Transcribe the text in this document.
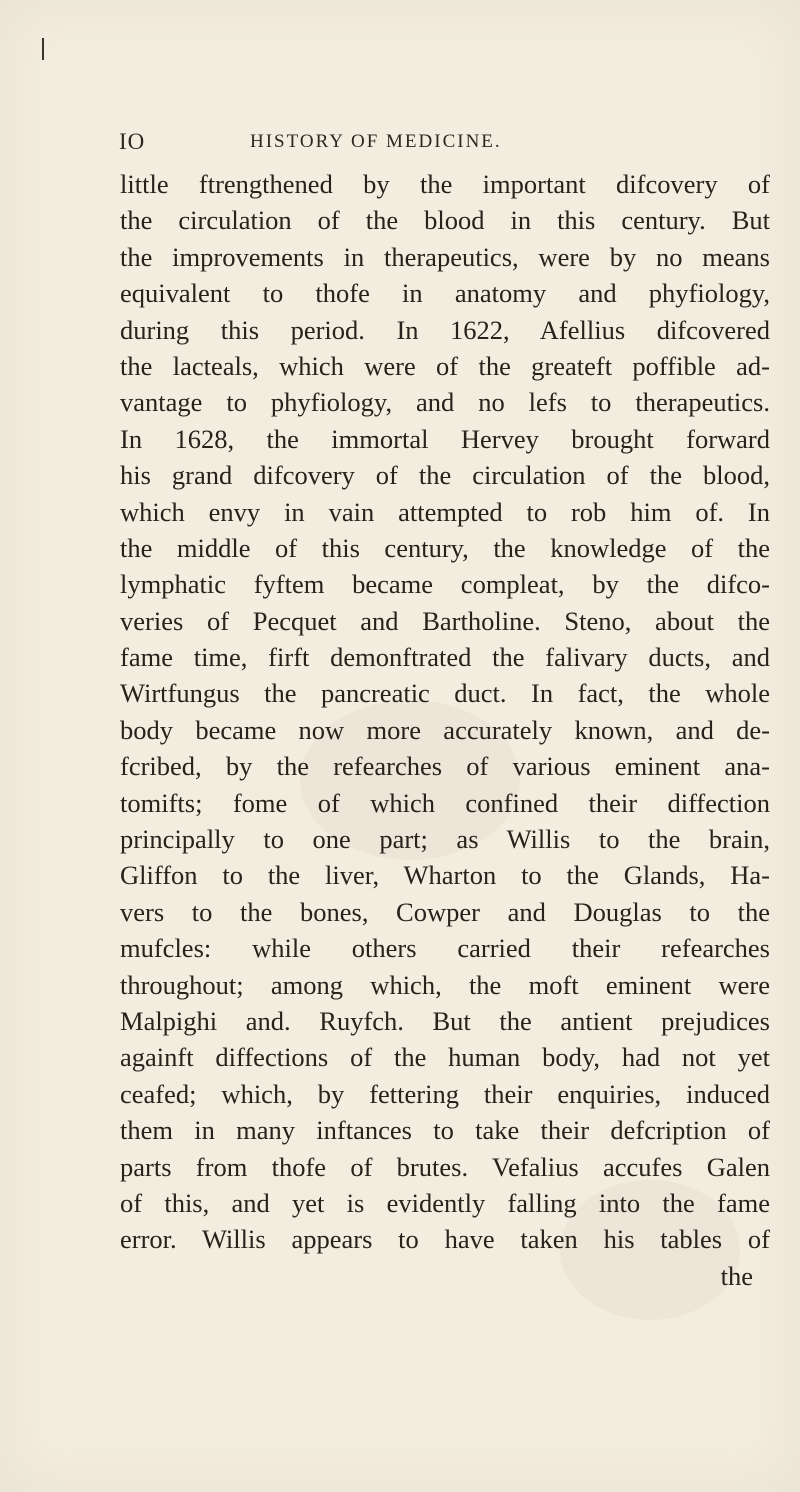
IO	HISTORY OF MEDICINE.
little ftrengthened by the important difcovery of
the circulation of the blood in this century. But
the improvements in therapeutics, were by no means
equivalent to thofe in anatomy and phyfiology,
during this period. In 1622, Afellius difcovered
the lacteals, which were of the greateft poffible ad-
vantage to phyfiology, and no lefs to therapeutics.
In 1628, the immortal Hervey brought forward
his grand difcovery of the circulation of the blood,
which envy in vain attempted to rob him of. In
the middle of this century, the knowledge of the
lymphatic fyftem became compleat, by the difco-
veries of Pecquet and Bartholine. Steno, about the
fame time, firft demonftrated the falivary ducts, and
Wirtfungus the pancreatic duct. In fact, the whole
body became now more accurately known, and de-
fcribed, by the refearches of various eminent ana-
tomifts; fome of which confined their diffection
principally to one part; as Willis to the brain,
Gliffon to the liver, Wharton to the Glands, Ha-
vers to the bones, Cowper and Douglas to the
mufcles: while others carried their refearches
throughout; among which, the moft eminent were
Malpighi and. Ruyfch. But the antient prejudices
againft diffections of the human body, had not yet
ceafed; which, by fettering their enquiries, induced
them in many inftances to take their defcription of
parts from thofe of brutes. Vefalius accufes Galen
of this, and yet is evidently falling into the fame
error. Willis appears to have taken his tables of
the
